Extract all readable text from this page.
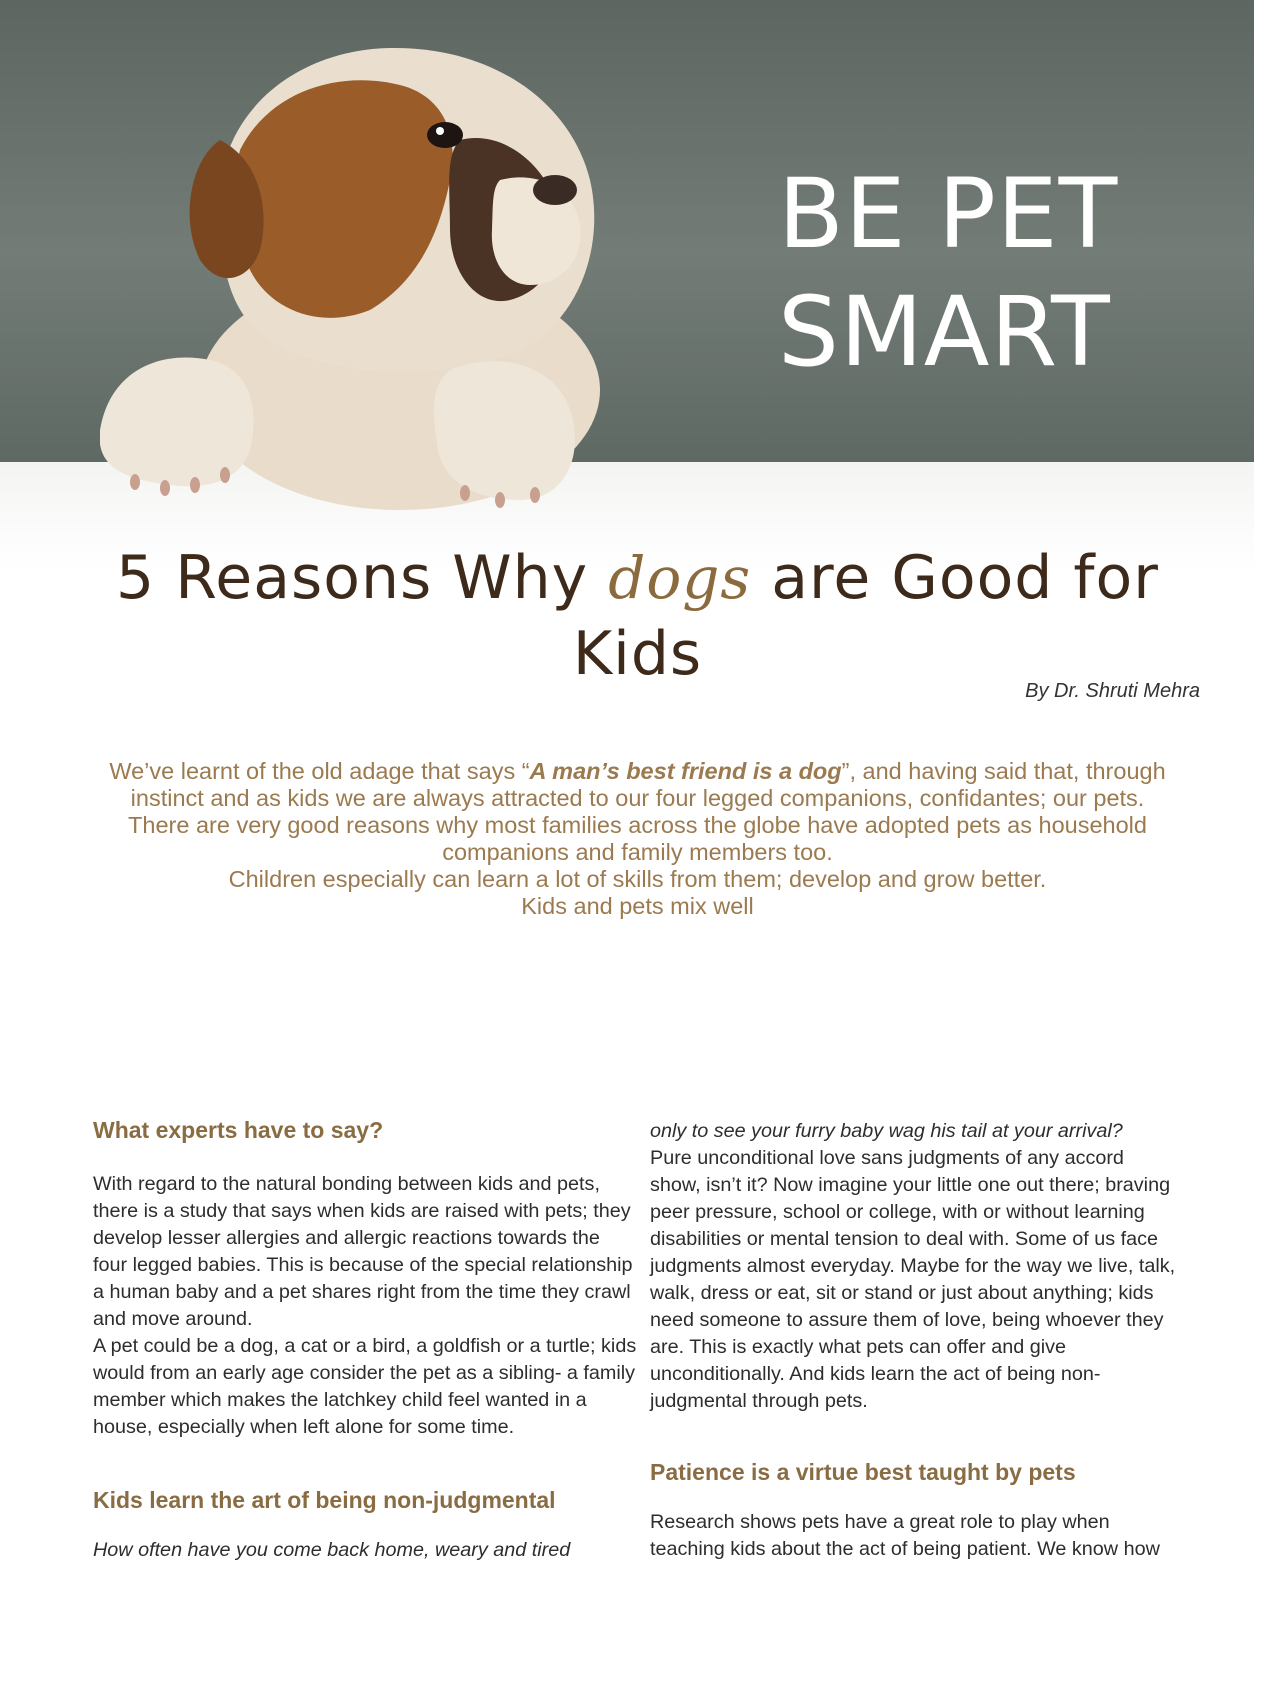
BE PET
SMART
5 Reasons Why dogs are Good for
Kids
By Dr. Shruti Mehra
We’ve learnt of the old adage that says “A man’s best friend is a dog”, and having said that, through instinct and as kids we are always attracted to our four legged companions, confidantes; our pets. There are very good reasons why most families across the globe have adopted pets as household companions and family members too.
Children especially can learn a lot of skills from them; develop and grow better.
Kids and pets mix well
What experts have to say?

With regard to the natural bonding between kids and pets, there is a study that says when kids are raised with pets; they develop lesser allergies and allergic reactions towards the four legged babies. This is because of the special relationship a human baby and a pet shares right from the time they crawl and move around.

A pet could be a dog, a cat or a bird, a goldfish or a turtle; kids would from an early age consider the pet as a sibling- a family member which makes the latchkey child feel wanted in a house, especially when left alone for some time.

Kids learn the art of being non-judgmental

How often have you come back home, weary and tired

only to see your furry baby wag his tail at your arrival?

Pure unconditional love sans judgments of any accord show, isn’t it? Now imagine your little one out there; braving peer pressure, school or college, with or without learning disabilities or mental tension to deal with. Some of us face judgments almost everyday. Maybe for the way we live, talk, walk, dress or eat, sit or stand or just about anything; kids need someone to assure them of love, being whoever they are. This is exactly what pets can offer and give unconditionally. And kids learn the act of being non-judgmental through pets.

Patience is a virtue best taught by pets

Research shows pets have a great role to play when teaching kids about the act of being patient. We know how
